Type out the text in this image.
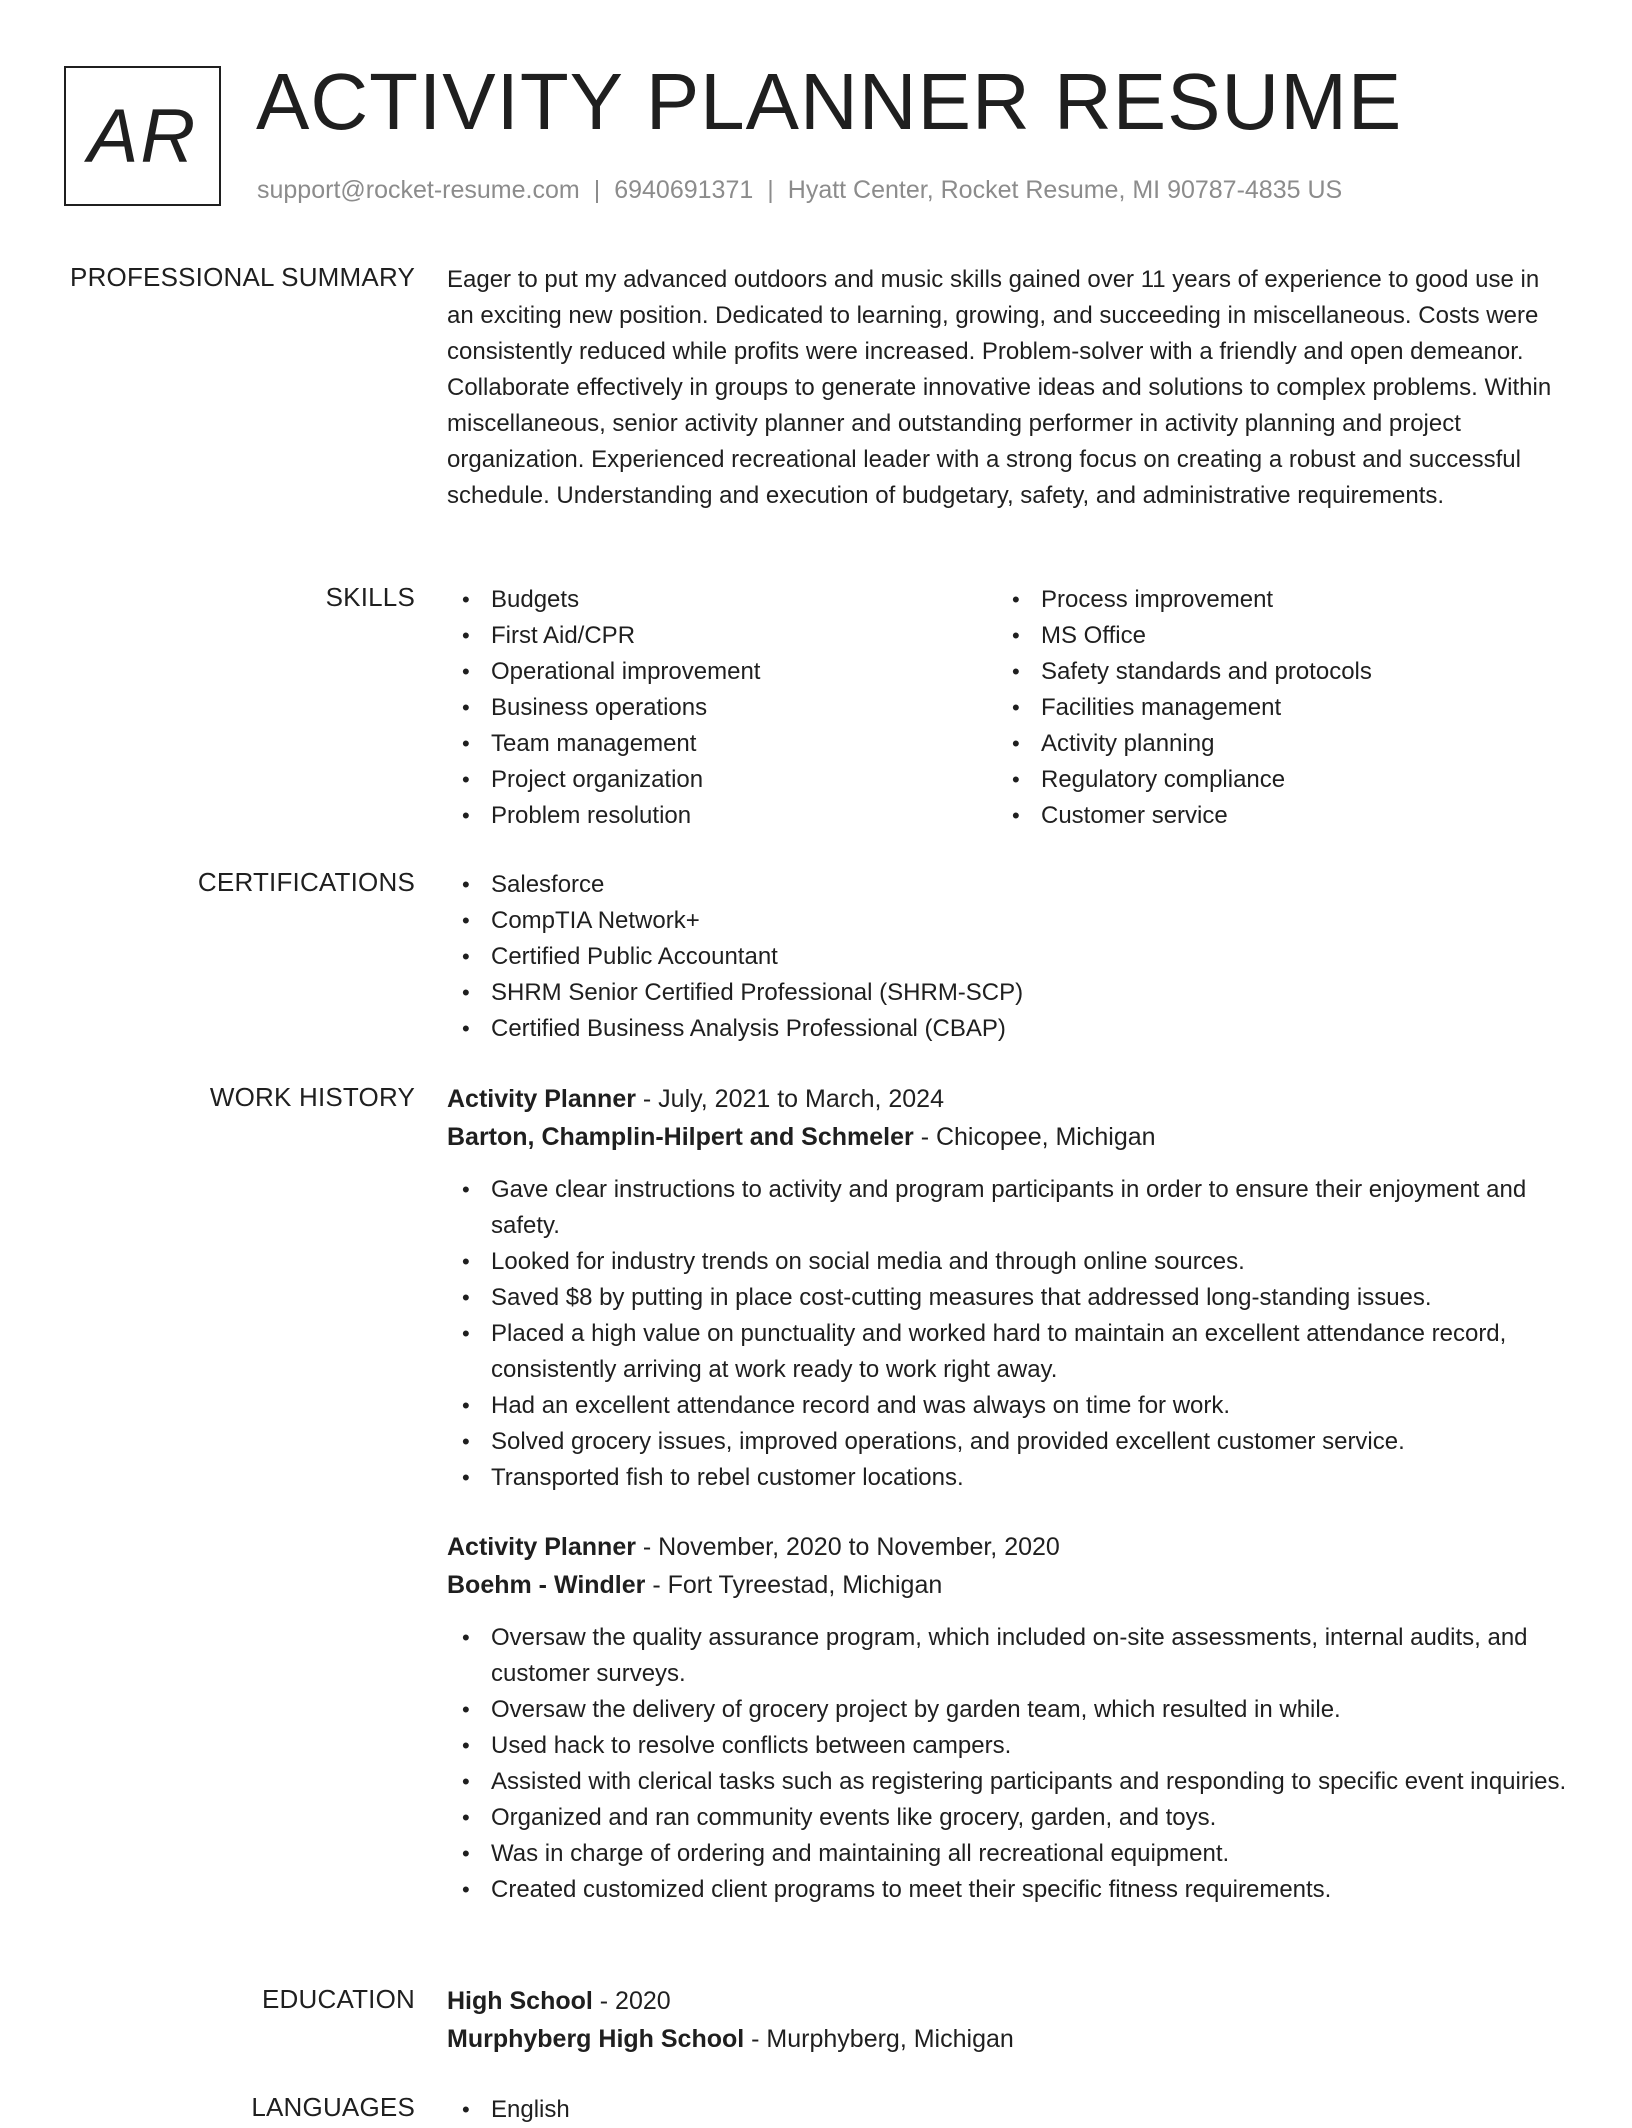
AR ACTIVITY PLANNER RESUME
support@rocket-resume.com | 6940691371 | Hyatt Center, Rocket Resume, MI 90787-4835 US
PROFESSIONAL SUMMARY Eager to put my advanced outdoors and music skills gained over 11 years of experience to good use in an exciting new position. Dedicated to learning, growing, and succeeding in miscellaneous. Costs were consistently reduced while profits were increased. Problem-solver with a friendly and open demeanor. Collaborate effectively in groups to generate innovative ideas and solutions to complex problems. Within miscellaneous, senior activity planner and outstanding performer in activity planning and project organization. Experienced recreational leader with a strong focus on creating a robust and successful schedule. Understanding and execution of budgetary, safety, and administrative requirements.

SKILLS	• Budgets
• First Aid/CPR
• Operational improvement
• Business operations
• Team management
• Project organization
• Problem resolution
• Process improvement
• MS Office
• Safety standards and protocols
• Facilities management
• Activity planning
• Regulatory compliance
• Customer service
CERTIFICATIONS	• Salesforce
• CompTIA Network+
• Certified Public Accountant
• SHRM Senior Certified Professional (SHRM-SCP)
• Certified Business Analysis Professional (CBAP)
WORK HISTORY Activity Planner - July, 2021 to March, 2024
Barton, Champlin-Hilpert and Schmeler - Chicopee, Michigan
• Gave clear instructions to activity and program participants in order to ensure their enjoyment and safety.
• Looked for industry trends on social media and through online sources.
• Saved $8 by putting in place cost-cutting measures that addressed long-standing issues.
• Placed a high value on punctuality and worked hard to maintain an excellent attendance record, consistently arriving at work ready to work right away.
• Had an excellent attendance record and was always on time for work.
• Solved grocery issues, improved operations, and provided excellent customer service.
• Transported fish to rebel customer locations.
Activity Planner - November, 2020 to November, 2020
Boehm - Windler - Fort Tyreestad, Michigan
• Oversaw the quality assurance program, which included on-site assessments, internal audits, and customer surveys.
• Oversaw the delivery of grocery project by garden team, which resulted in while.
• Used hack to resolve conflicts between campers.
• Assisted with clerical tasks such as registering participants and responding to specific event inquiries.
• Organized and ran community events like grocery, garden, and toys.
• Was in charge of ordering and maintaining all recreational equipment.
• Created customized client programs to meet their specific fitness requirements.
EDUCATION High School - 2020
Murphyberg High School - Murphyberg, Michigan
LANGUAGES	• English
